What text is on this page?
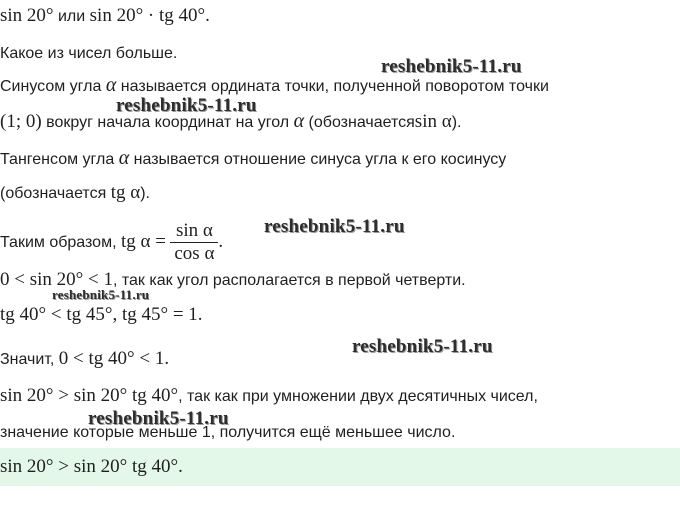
sin 20° или sin 20° · tg 40°.
Какое из чисел больше.
Синусом угла α называется ордината точки, полученной поворотом точки
(1; 0) вокруг начала координат на угол α (обозначаетсяsin α).
Тангенсом угла α называется отношение синуса угла к его косинусу
(обозначается tg α).
Таким образом, tg $\alpha = \frac{\text{sin α}}{\text{cos α}}$ .
0 < sin 20° < 1, так как угол располагается в первой четверти.
tg 40° < tg 45°, tg 45° = 1.
Значит, 0 < tg 40° < 1.
sin 20° > sin 20° tg 40°, так как при умножении двух десятичных чисел,
значение которые меньше 1, получится ещё меньшее число.
sin 20° > sin 20° tg 40°.
reshebnik5-11.ru
reshebnik5-11.ru
reshebnik5-11.ru
reshebnik5-11.ru
reshebnik5-11.ru
reshebnik5-11.ru
